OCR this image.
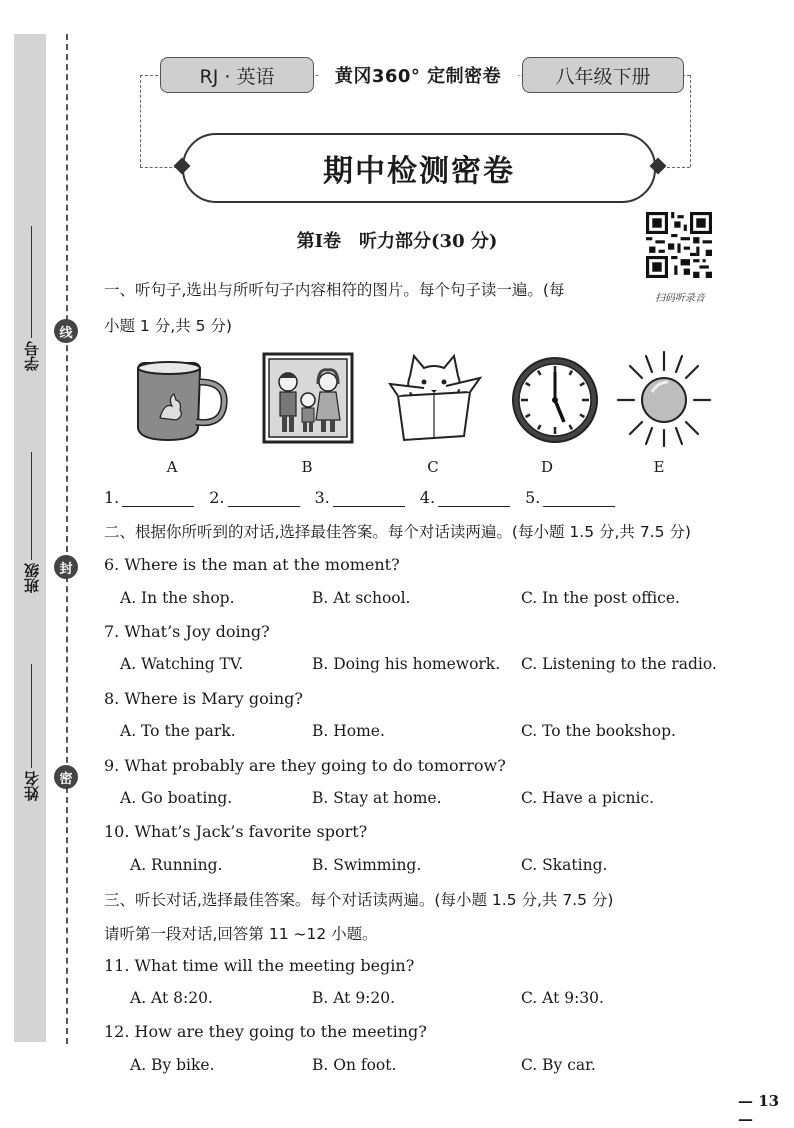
线
封
密
学号
班级
姓名
RJ · 英语	黄冈360° 定制密卷	八年级下册
期中检测密卷
第Ⅰ卷　听力部分(30 分)
扫码听录音
一、听句子,选出与所听句子内容相符的图片。每个句子读一遍。(每
小题 1 分,共 5 分)
A	B	C	D	E
1.	2.	3.	4.	5.
二、根据你所听到的对话,选择最佳答案。每个对话读两遍。(每小题 1.5 分,共 7.5 分)
6. Where is the man at the moment?
A. In the shop.	B. At school.	C. In the post office.
7. What’s Joy doing?
A. Watching TV.	B. Doing his homework. C. Listening to the radio.
8. Where is Mary going?
A. To the park.	B. Home.	C. To the bookshop.
9. What probably are they going to do tomorrow?
A. Go boating.	B. Stay at home.	C. Have a picnic.
10. What’s Jack’s favorite sport?
A. Running.	B. Swimming.	C. Skating.
三、听长对话,选择最佳答案。每个对话读两遍。(每小题 1.5 分,共 7.5 分)
请听第一段对话,回答第 11 ~12 小题。
11. What time will the meeting begin?
A. At 8:20.	B. At 9:20.	C. At 9:30.
12. How are they going to the meeting?
A. By bike.	B. On foot.	C. By car.
— 13 —
